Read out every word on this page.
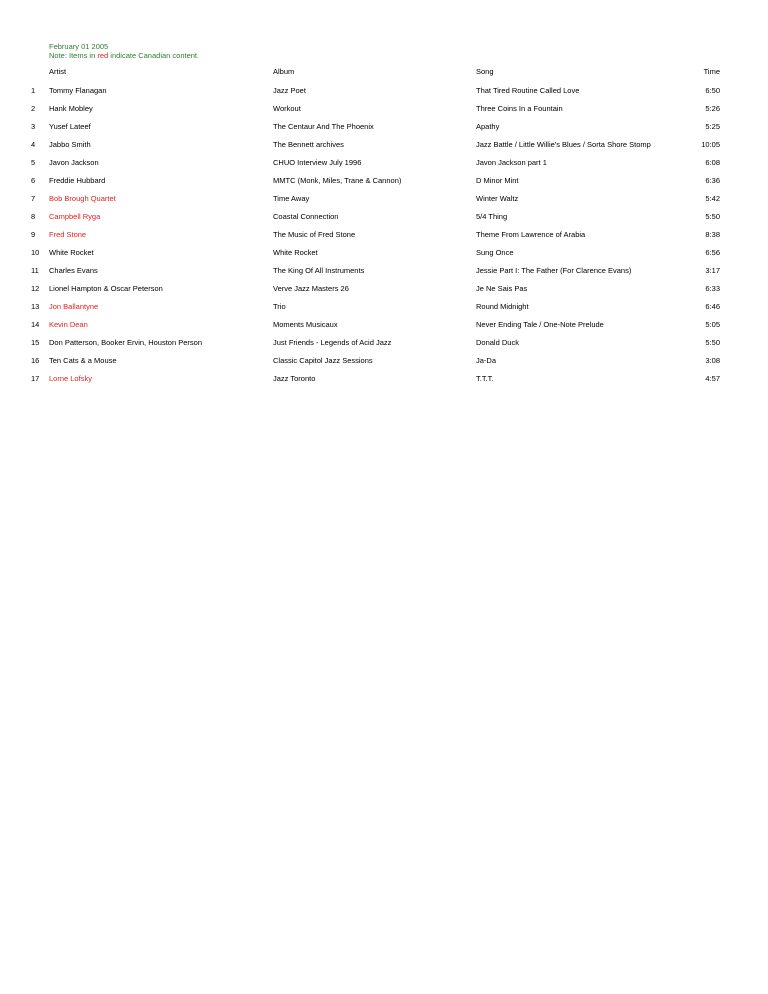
February 01 2005
Note: Items in red indicate Canadian content.
Artist	Album	Song	Time
1 Tommy Flanagan	Jazz Poet	That Tired Routine Called Love	6:50
2 Hank Mobley	Workout	Three Coins In a Fountain	5:26
3 Yusef Lateef	The Centaur And The Phoenix	Apathy	5:25
4 Jabbo Smith	The Bennett archives	Jazz Battle / Little Willie's Blues / Sorta Shore Stomp	10:05
5 Javon Jackson	CHUO Interview July 1996	Javon Jackson part 1	6:08
6 Freddie Hubbard	MMTC (Monk, Miles, Trane & Cannon)	D Minor Mint	6:36
7 Bob Brough Quartet	Time Away	Winter Waltz	5:42
8 Campbell Ryga	Coastal Connection	5/4 Thing	5:50
9 Fred Stone	The Music of Fred Stone	Theme From Lawrence of Arabia	8:38
10 White Rocket	White Rocket	Sung Once	6:56
11 Charles Evans	The King Of All Instruments	Jessie Part I: The Father (For Clarence Evans)	3:17
12 Lionel Hampton & Oscar Peterson	Verve Jazz Masters 26	Je Ne Sais Pas	6:33
13 Jon Ballantyne	Trio	Round Midnight	6:46
14 Kevin Dean	Moments Musicaux	Never Ending Tale / One-Note Prelude	5:05
15 Don Patterson, Booker Ervin, Houston Person	Just Friends - Legends of Acid Jazz	Donald Duck	5:50
16 Ten Cats & a Mouse	Classic Capitol Jazz Sessions	Ja-Da	3:08
17 Lorne Lofsky	Jazz Toronto	T.T.T.	4:57
